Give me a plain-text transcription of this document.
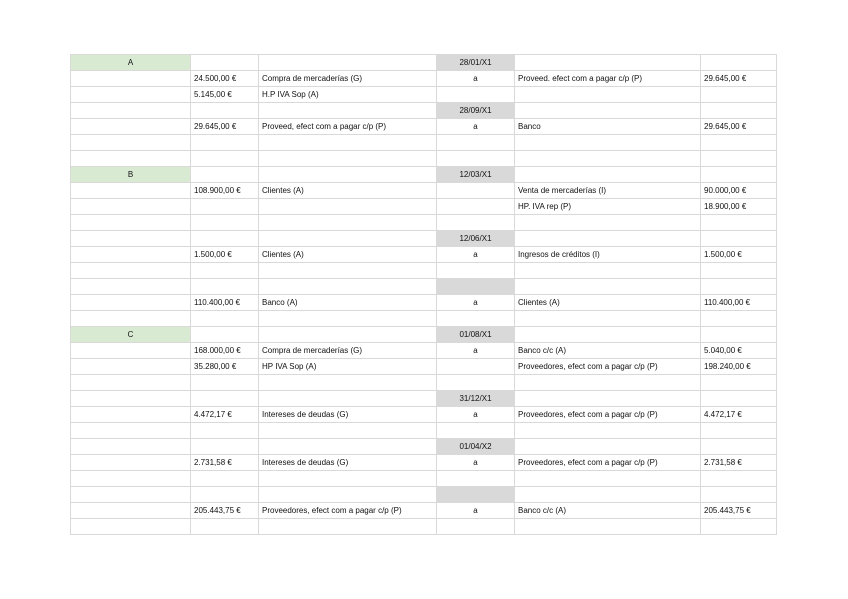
A			28/01/X1		
	24.500,00 €	Compra de mercaderías (G)	a	Proveed. efect com a pagar c/p (P)	29.645,00 €
	5.145,00 €	H.P IVA Sop (A)			
			28/09/X1		
	29.645,00 €	Proveed, efect com a pagar c/p (P)	a	Banco	29.645,00 €

B			12/03/X1		
	108.900,00 €	Clientes (A)		Venta de mercaderías (I)	90.000,00 €
				HP. IVA rep (P)	18.900,00 €

			12/06/X1		
	1.500,00 €	Clientes (A)	a	Ingresos de créditos (I)	1.500,00 €

	110.400,00 €	Banco (A)	a	Clientes (A)	110.400,00 €

C			01/08/X1		
	168.000,00 €	Compra de mercaderías (G)	a	Banco c/c (A)	5.040,00 €
	35.280,00 €	HP IVA Sop (A)		Proveedores, efect com a pagar c/p (P)	198.240,00 €

			31/12/X1		
	4.472,17 €	Intereses de deudas (G)	a	Proveedores, efect com a pagar c/p (P)	4.472,17 €

			01/04/X2		
	2.731,58 €	Intereses de deudas (G)	a	Proveedores, efect com a pagar c/p (P)	2.731,58 €

	205.443,75 €	Proveedores, efect com a pagar c/p (P)	a	Banco c/c (A)	205.443,75 €
